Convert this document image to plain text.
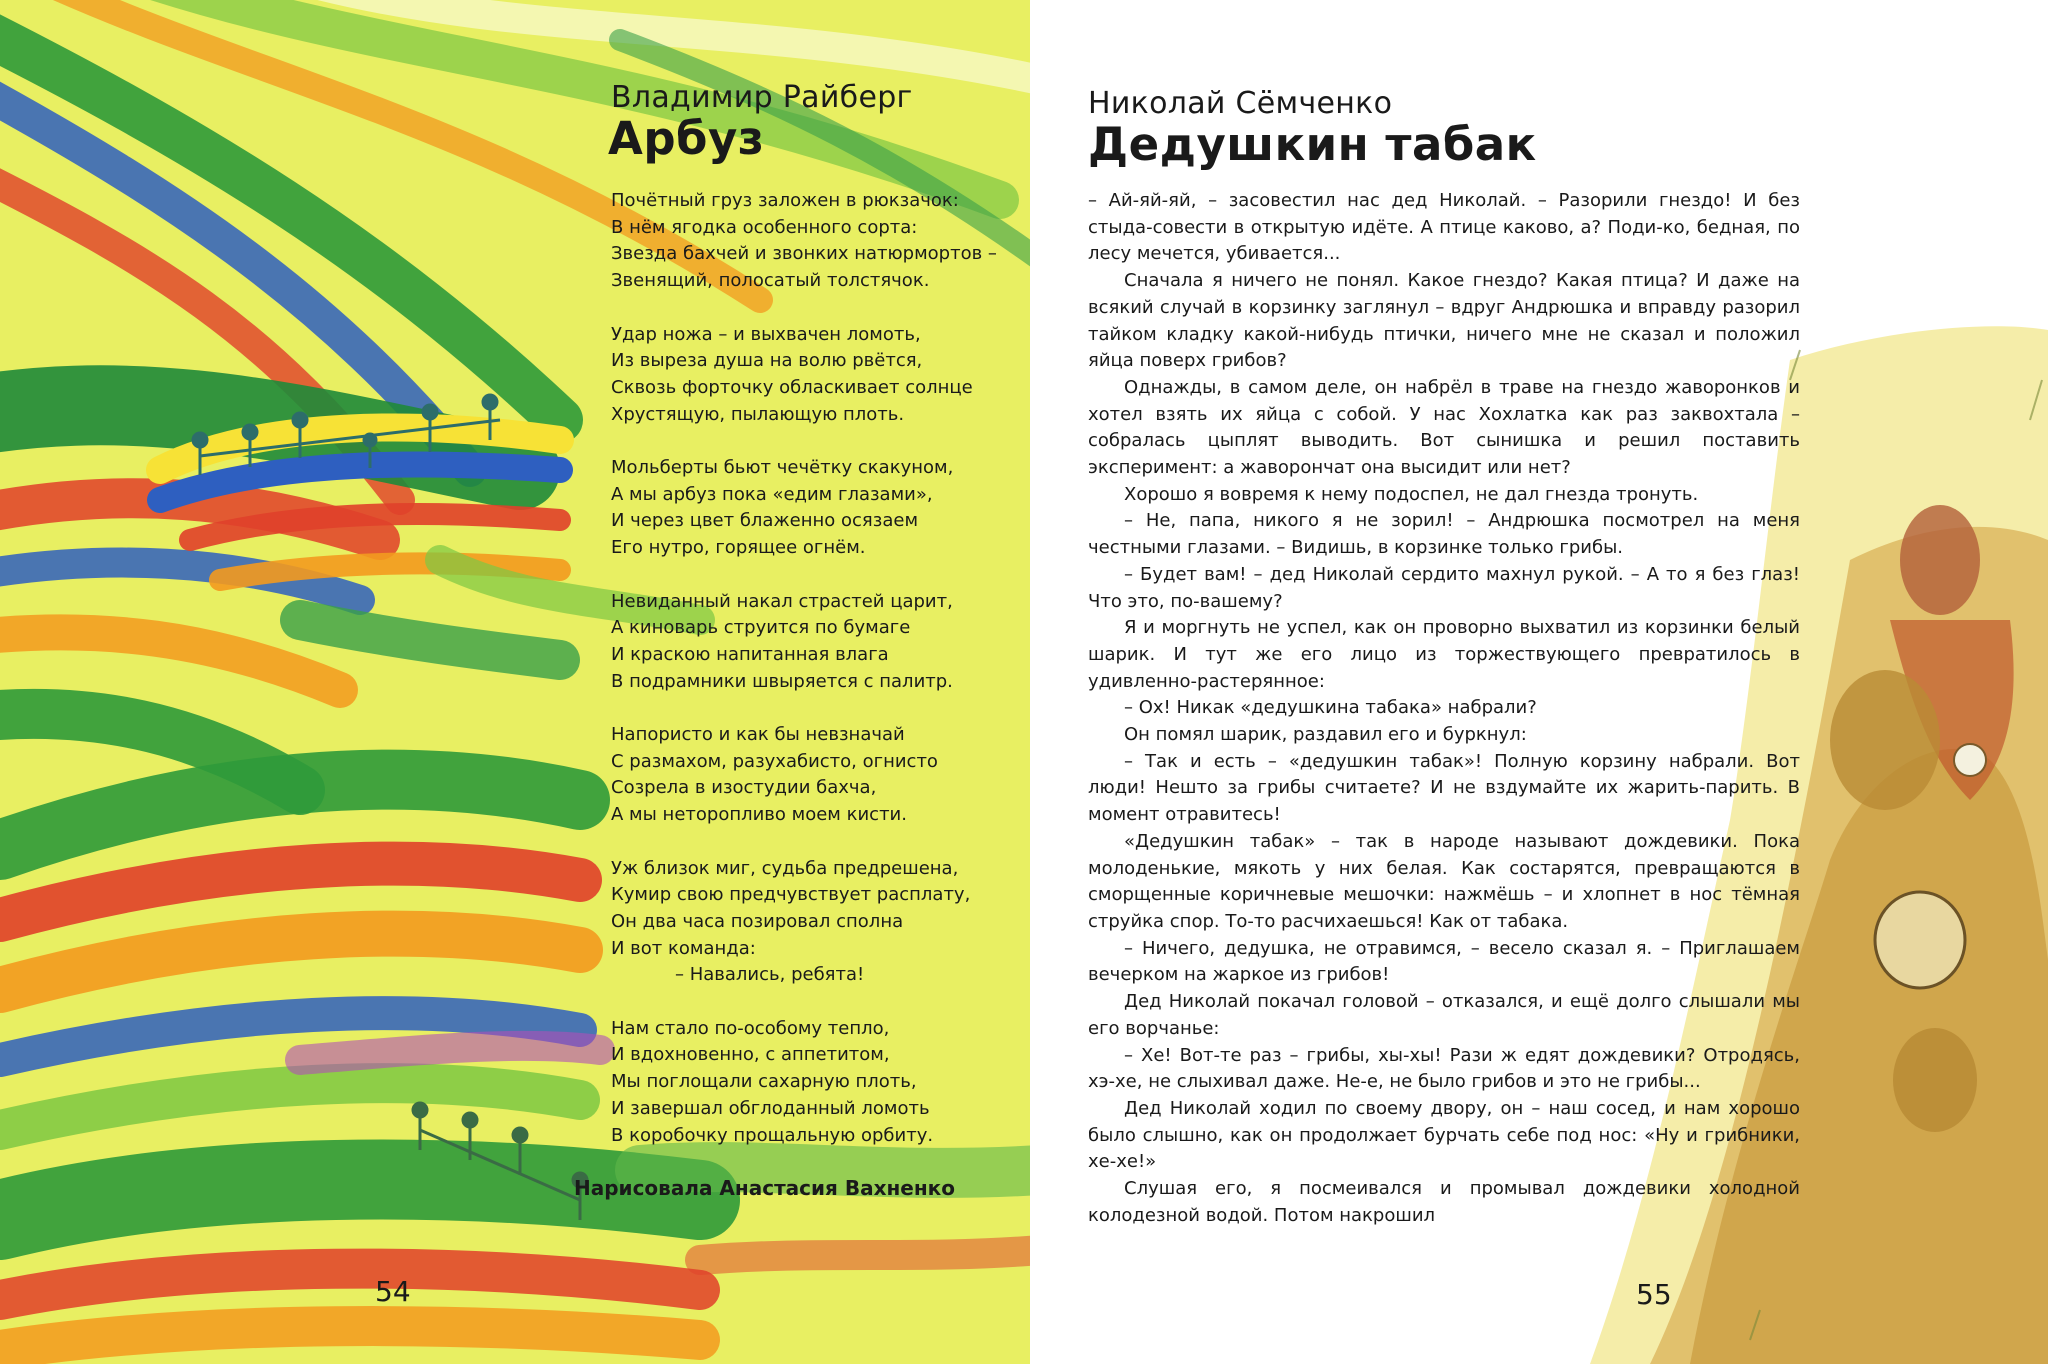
Владимир Райберг
Арбуз
Почётный груз заложен в рюкзачок:
В нём ягодка особенного сорта:
Звезда бахчей и звонких натюрмортов –
Звенящий, полосатый толстячок.
Удар ножа – и выхвачен ломоть,
Из выреза душа на волю рвётся,
Сквозь форточку обласкивает солнце
Хрустящую, пылающую плоть.
Мольберты бьют чечётку скакуном,
А мы арбуз пока «едим глазами»,
И через цвет блаженно осязаем
Его нутро, горящее огнём.
Невиданный накал страстей царит,
А киноварь струится по бумаге
И краскою напитанная влага
В подрамники швыряется с палитр.
Напористо и как бы невзначай
С размахом, разухабисто, огнисто
Созрела в изостудии бахча,
А мы неторопливо моем кисти.
Уж близок миг, судьба предрешена,
Кумир свою предчувствует расплату,
Он два часа позировал сполна
И вот команда:
– Навались, ребята!
Нам стало по-особому тепло,
И вдохновенно, с аппетитом,
Мы поглощали сахарную плоть,
И завершал обглоданный ломоть
В коробочку прощальную орбиту.
Нарисовала Анастасия Вахненко
54
Николай Сёмченко
Дедушкин табак

– Ай-яй-яй, – засовестил нас дед Николай. – Разорили гнездо! И без стыда-совести в открытую идёте. А птице каково, а? Поди-ко, бедная, по лесу мечется, убивается...

Сначала я ничего не понял. Какое гнездо? Какая птица? И даже на всякий случай в корзинку заглянул – вдруг Андрюшка и вправду разорил тайком кладку какой-нибудь птички, ничего мне не сказал и положил яйца поверх грибов?

Однажды, в самом деле, он набрёл в траве на гнездо жаворонков и хотел взять их яйца с собой. У нас Хохлатка как раз заквохтала – собралась цыплят выводить. Вот сынишка и решил поставить эксперимент: а жаворончат она высидит или нет?

Хорошо я вовремя к нему подоспел, не дал гнезда тронуть.

– Не, папа, никого я не зорил! – Андрюшка посмотрел на меня честными глазами. – Видишь, в корзинке только грибы.

– Будет вам! – дед Николай сердито махнул рукой. – А то я без глаз! Что это, по-вашему?

Я и моргнуть не успел, как он проворно выхватил из корзинки белый шарик. И тут же его лицо из торжествующего превратилось в удивленно-растерянное:

– Ох! Никак «дедушкина табака» набрали?

Он помял шарик, раздавил его и буркнул:

– Так и есть – «дедушкин табак»! Полную корзину набрали. Вот люди! Нешто за грибы считаете? И не вздумайте их жарить-парить. В момент отравитесь!

«Дедушкин табак» – так в народе называют дождевики. Пока молоденькие, мякоть у них белая. Как состарятся, превращаются в сморщенные коричневые мешочки: нажмёшь – и хлопнет в нос тёмная струйка спор. То-то расчихаешься! Как от табака.

– Ничего, дедушка, не отравимся, – весело сказал я. – Приглашаем вечерком на жаркое из грибов!

Дед Николай покачал головой – отказался, и ещё долго слышали мы его ворчанье:

– Хе! Вот-те раз – грибы, хы-хы! Рази ж едят дождевики? Отродясь, хэ-хе, не слыхивал даже. Не-е, не было грибов и это не грибы...

Дед Николай ходил по своему двору, он – наш сосед, и нам хорошо было слышно, как он продолжает бурчать себе под нос: «Ну и грибники, хе-хе!»

Слушая его, я посмеивался и промывал дождевики холодной колодезной водой. Потом накрошил

55
